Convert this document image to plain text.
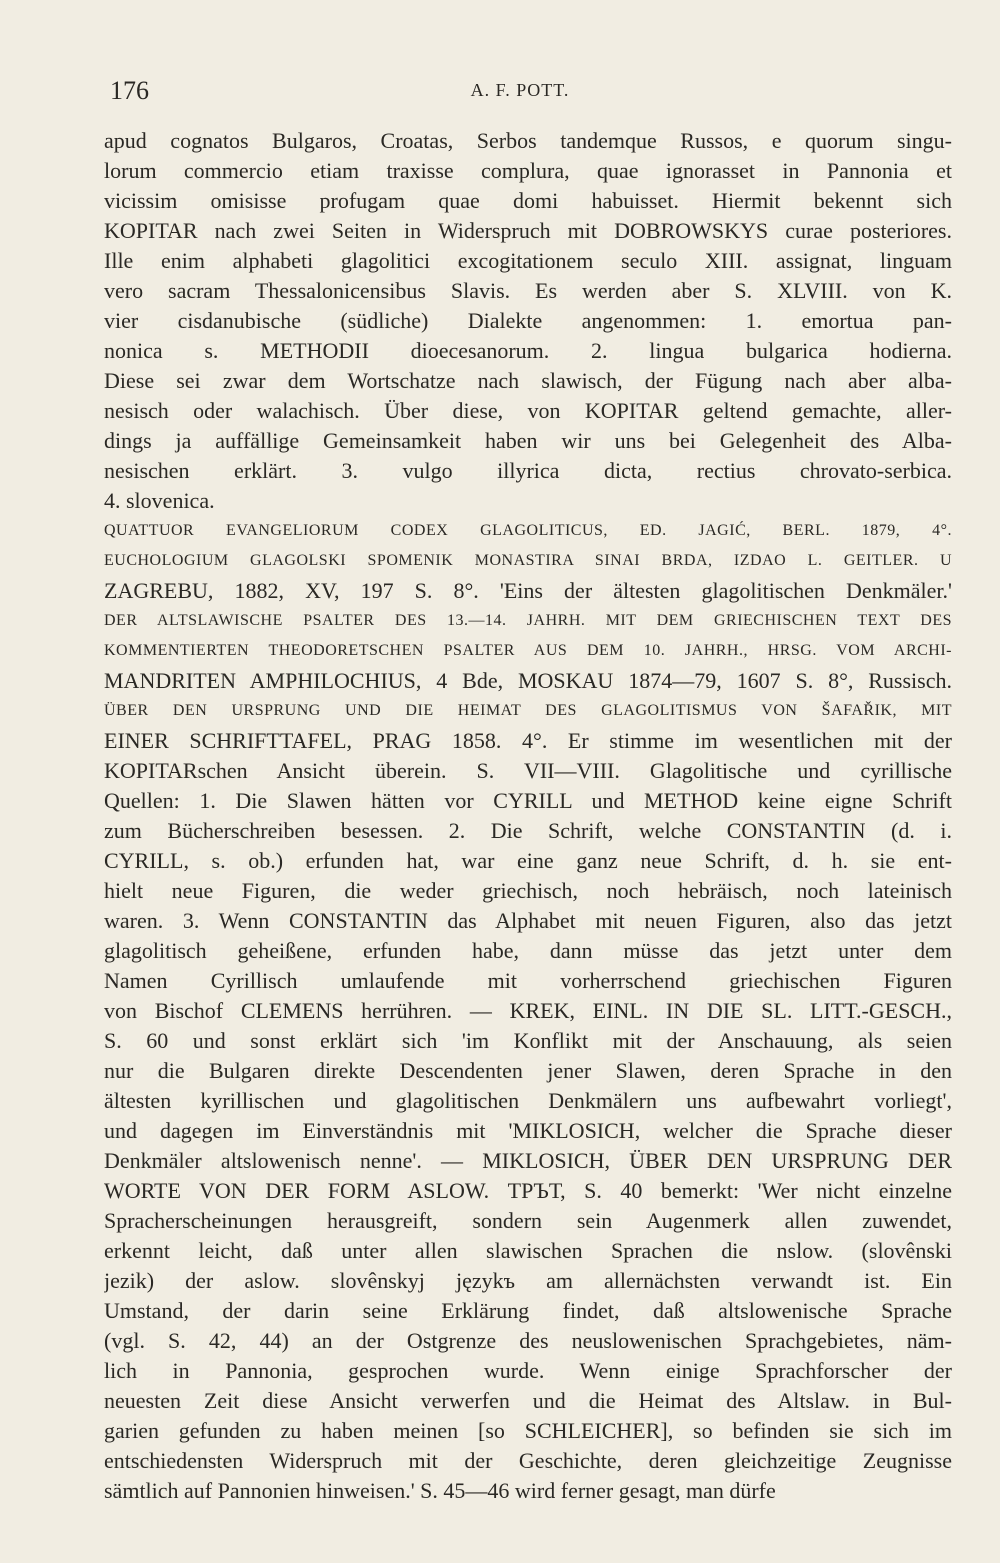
176	A. F. POTT.
apud cognatos Bulgaros, Croatas, Serbos tandemque Russos, e quorum singu-
lorum commercio etiam traxisse complura, quae ignorasset in Pannonia et
vicissim omisisse profugam quae domi habuisset. Hiermit bekennt sich
KOPITAR nach zwei Seiten in Widerspruch mit DOBROWSKYS curae posteriores.
Ille enim alphabeti glagolitici excogitationem seculo XIII. assignat, linguam
vero sacram Thessalonicensibus Slavis. Es werden aber S. XLVIII. von K.
vier cisdanubische (südliche) Dialekte angenommen: 1. emortua pan-
nonica s. METHODII dioecesanorum. 2. lingua bulgarica hodierna.
Diese sei zwar dem Wortschatze nach slawisch, der Fügung nach aber alba-
nesisch oder walachisch. Über diese, von KOPITAR geltend gemachte, aller-
dings ja auffällige Gemeinsamkeit haben wir uns bei Gelegenheit des Alba-
nesischen erklärt. 3. vulgo illyrica dicta, rectius chrovato-serbica.
4. slovenica.
QUATTUOR EVANGELIORUM CODEX GLAGOLITICUS, ED. JAGIĆ, BERL. 1879, 4°.
EUCHOLOGIUM GLAGOLSKI SPOMENIK MONASTIRA SINAI BRDA, IZDAO L. GEITLER. U
ZAGREBU, 1882, XV, 197 S. 8°. 'Eins der ältesten glagolitischen Denkmäler.'
DER ALTSLAWISCHE PSALTER DES 13.—14. JAHRH. MIT DEM GRIECHISCHEN TEXT DES
KOMMENTIERTEN THEODORETSCHEN PSALTER AUS DEM 10. JAHRH., HRSG. VOM ARCHI-
MANDRITEN AMPHILOCHIUS, 4 Bde, MOSKAU 1874—79, 1607 S. 8°, Russisch.
ÜBER DEN URSPRUNG UND DIE HEIMAT DES GLAGOLITISMUS VON ŠAFAŘIK, MIT
EINER SCHRIFTTAFEL, PRAG 1858. 4°. Er stimme im wesentlichen mit der
KOPITARschen Ansicht überein. S. VII—VIII. Glagolitische und cyrillische
Quellen: 1. Die Slawen hätten vor CYRILL und METHOD keine eigne Schrift
zum Bücherschreiben besessen. 2. Die Schrift, welche CONSTANTIN (d. i.
CYRILL, s. ob.) erfunden hat, war eine ganz neue Schrift, d. h. sie ent-
hielt neue Figuren, die weder griechisch, noch hebräisch, noch lateinisch
waren. 3. Wenn CONSTANTIN das Alphabet mit neuen Figuren, also das jetzt
glagolitisch geheißene, erfunden habe, dann müsse das jetzt unter dem
Namen Cyrillisch umlaufende mit vorherrschend griechischen Figuren
von Bischof CLEMENS herrühren. — KREK, EINL. IN DIE SL. LITT.-GESCH.,
S. 60 und sonst erklärt sich 'im Konflikt mit der Anschauung, als seien
nur die Bulgaren direkte Descendenten jener Slawen, deren Sprache in den
ältesten kyrillischen und glagolitischen Denkmälern uns aufbewahrt vorliegt',
und dagegen im Einverständnis mit 'MIKLOSICH, welcher die Sprache dieser
Denkmäler altslowenisch nenne'. — MIKLOSICH, ÜBER DEN URSPRUNG DER
WORTE VON DER FORM ASLOW. ТРЪТ, S. 40 bemerkt: 'Wer nicht einzelne
Spracherscheinungen herausgreift, sondern sein Augenmerk allen zuwendet,
erkennt leicht, daß unter allen slawischen Sprachen die nslow. (slovênski
jezik) der aslow. slovênskyj językъ am allernächsten verwandt ist. Ein
Umstand, der darin seine Erklärung findet, daß altslowenische Sprache
(vgl. S. 42, 44) an der Ostgrenze des neuslowenischen Sprachgebietes, näm-
lich in Pannonia, gesprochen wurde. Wenn einige Sprachforscher der
neuesten Zeit diese Ansicht verwerfen und die Heimat des Altslaw. in Bul-
garien gefunden zu haben meinen [so SCHLEICHER], so befinden sie sich im
entschiedensten Widerspruch mit der Geschichte, deren gleichzeitige Zeugnisse
sämtlich auf Pannonien hinweisen.' S. 45—46 wird ferner gesagt, man dürfe
